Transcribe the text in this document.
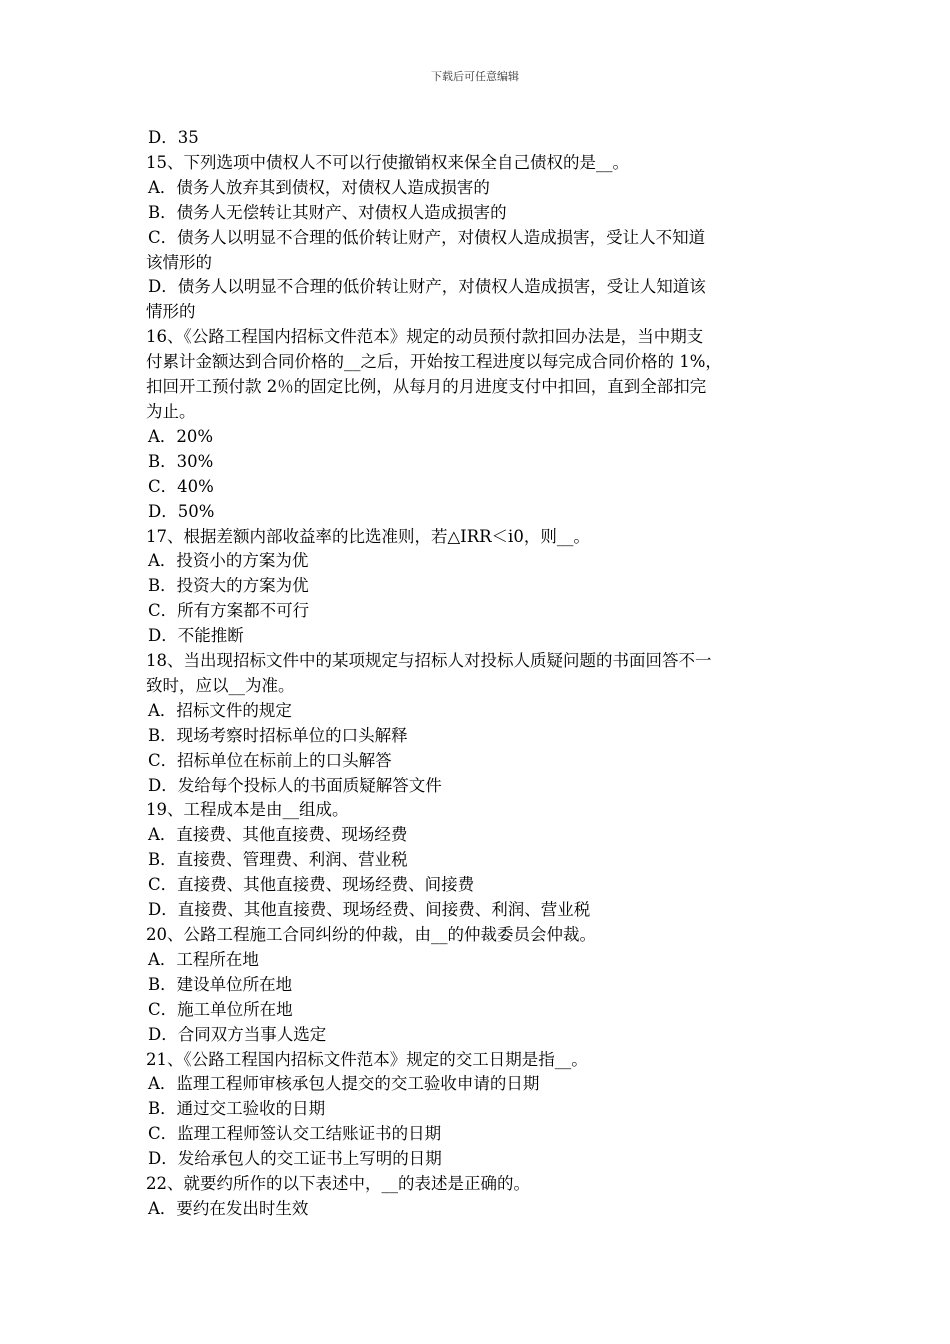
下载后可任意编辑
D．35
15、下列选项中债权人不可以行使撤销权来保全自己债权的是__。
A．债务人放弃其到债权，对债权人造成损害的
B．债务人无偿转让其财产、对债权人造成损害的
C．债务人以明显不合理的低价转让财产，对债权人造成损害，受让人不知道
该情形的
D．债务人以明显不合理的低价转让财产，对债权人造成损害，受让人知道该
情形的
16、《公路工程国内招标文件范本》规定的动员预付款扣回办法是，当中期支
付累计金额达到合同价格的__之后，开始按工程进度以每完成合同价格的 1%，
扣回开工预付款 2％的固定比例，从每月的月进度支付中扣回，直到全部扣完
为止。
A．20%
B．30%
C．40%
D．50%
17、根据差额内部收益率的比选准则，若△IRR＜i0，则__。
A．投资小的方案为优
B．投资大的方案为优
C．所有方案都不可行
D．不能推断
18、当出现招标文件中的某项规定与招标人对投标人质疑问题的书面回答不一
致时，应以__为准。
A．招标文件的规定
B．现场考察时招标单位的口头解释
C．招标单位在标前上的口头解答
D．发给每个投标人的书面质疑解答文件
19、工程成本是由__组成。
A．直接费、其他直接费、现场经费
B．直接费、管理费、利润、营业税
C．直接费、其他直接费、现场经费、间接费
D．直接费、其他直接费、现场经费、间接费、利润、营业税
20、公路工程施工合同纠纷的仲裁，由__的仲裁委员会仲裁。
A．工程所在地
B．建设单位所在地
C．施工单位所在地
D．合同双方当事人选定
21、《公路工程国内招标文件范本》规定的交工日期是指__。
A．监理工程师审核承包人提交的交工验收申请的日期
B．通过交工验收的日期
C．监理工程师签认交工结账证书的日期
D．发给承包人的交工证书上写明的日期
22、就要约所作的以下表述中，__的表述是正确的。
A．要约在发出时生效
